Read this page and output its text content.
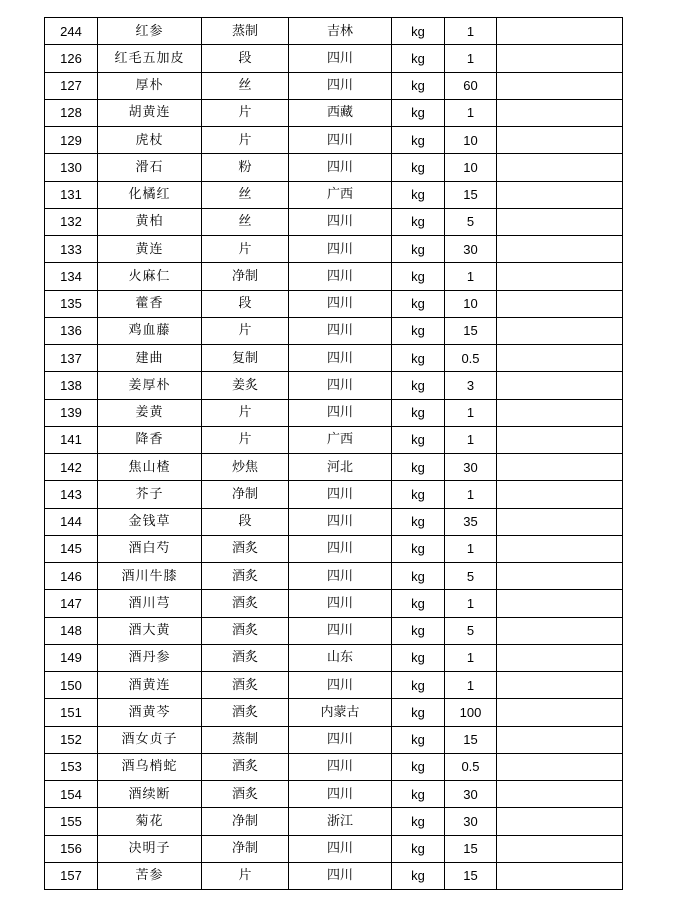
244	红参	蒸制	吉林	kg	1	
126	红毛五加皮	段	四川	kg	1	
127	厚朴	丝	四川	kg	60	
128	胡黄连	片	西藏	kg	1	
129	虎杖	片	四川	kg	10	
130	滑石	粉	四川	kg	10	
131	化橘红	丝	广西	kg	15	
132	黄柏	丝	四川	kg	5	
133	黄连	片	四川	kg	30	
134	火麻仁	净制	四川	kg	1	
135	藿香	段	四川	kg	10	
136	鸡血藤	片	四川	kg	15	
137	建曲	复制	四川	kg	0.5	
138	姜厚朴	姜炙	四川	kg	3	
139	姜黄	片	四川	kg	1	
141	降香	片	广西	kg	1	
142	焦山楂	炒焦	河北	kg	30	
143	芥子	净制	四川	kg	1	
144	金钱草	段	四川	kg	35	
145	酒白芍	酒炙	四川	kg	1	
146	酒川牛膝	酒炙	四川	kg	5	
147	酒川芎	酒炙	四川	kg	1	
148	酒大黄	酒炙	四川	kg	5	
149	酒丹参	酒炙	山东	kg	1	
150	酒黄连	酒炙	四川	kg	1	
151	酒黄芩	酒炙	内蒙古	kg	100	
152	酒女贞子	蒸制	四川	kg	15	
153	酒乌梢蛇	酒炙	四川	kg	0.5	
154	酒续断	酒炙	四川	kg	30	
155	菊花	净制	浙江	kg	30	
156	决明子	净制	四川	kg	15	
157	苦参	片	四川	kg	15	
